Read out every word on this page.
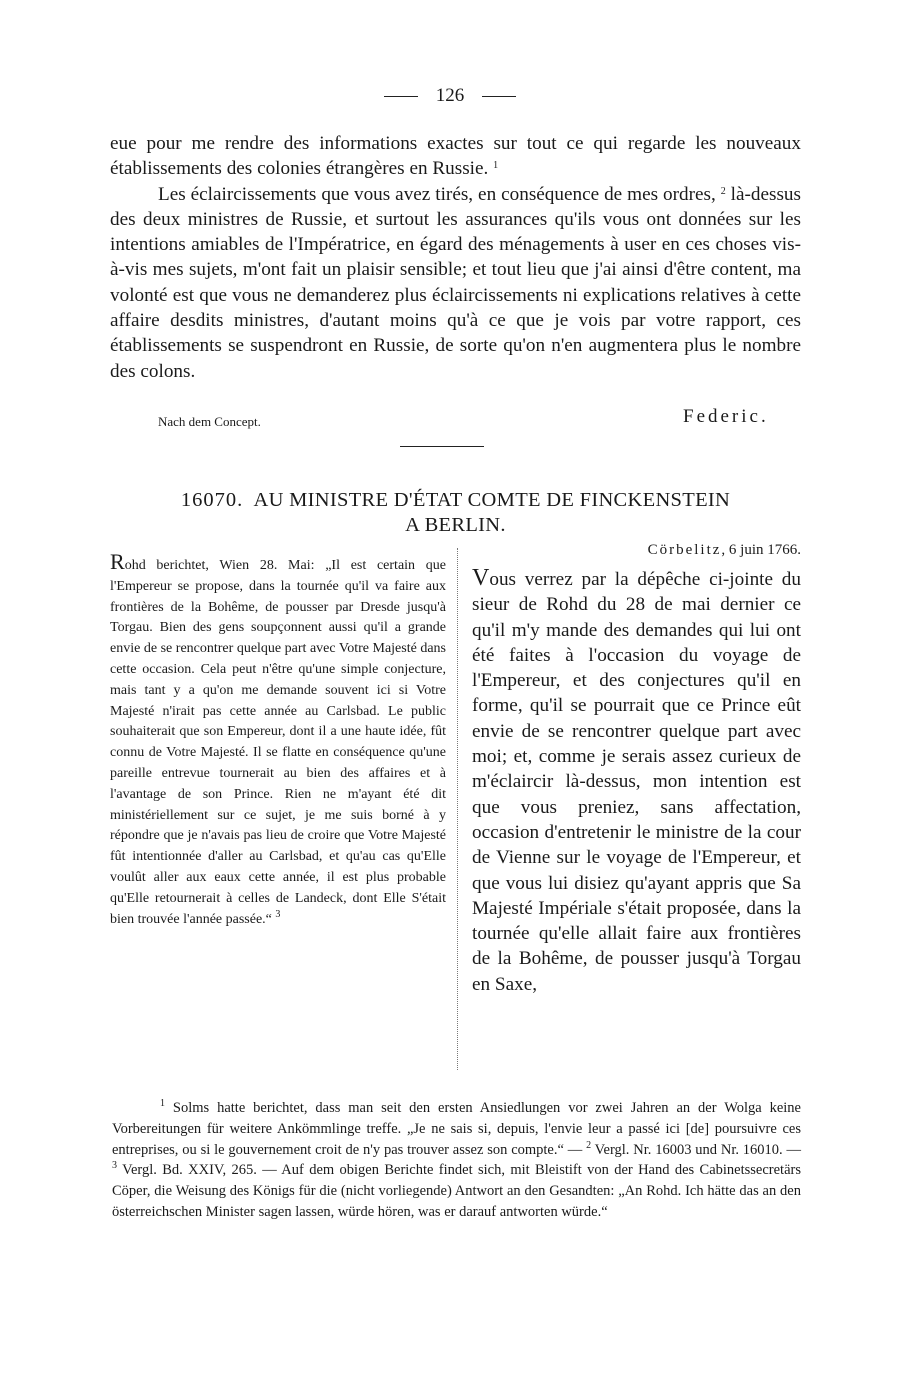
126

eue pour me rendre des informations exactes sur tout ce qui regarde les nouveaux établissements des colonies étrangères en Russie. $^1$

Les éclaircissements que vous avez tirés, en conséquence de mes ordres, $^2$ là-dessus des deux ministres de Russie, et surtout les assurances qu'ils vous ont données sur les intentions amiables de l'Impératrice, en égard des ménagements à user en ces choses vis-à-vis mes sujets, m'ont fait un plaisir sensible; et tout lieu que j'ai ainsi d'être content, ma volonté est que vous ne demanderez plus éclaircissements ni explications relatives à cette affaire desdits ministres, d'autant moins qu'à ce que je vois par votre rapport, ces établissements se suspendront en Russie, de sorte qu'on n'en augmentera plus le nombre des colons.

Nach dem Concept.	Federic.
16070. AU MINISTRE D'ÉTAT COMTE DE FINCKENSTEIN
A BERLIN.
Rohd berichtet, Wien 28. Mai: „Il est certain que l'Empereur se propose, dans la tournée qu'il va faire aux frontières de la Bohême, de pousser par Dresde jusqu'à Torgau. Bien des gens soupçonnent aussi qu'il a grande envie de se rencontrer quelque part avec Votre Majesté dans cette occasion. Cela peut n'être qu'une simple conjecture, mais tant y a qu'on me demande souvent ici si Votre Majesté n'irait pas cette année au Carlsbad. Le public souhaiterait que son Empereur, dont il a une haute idée, fût connu de Votre Majesté. Il se flatte en conséquence qu'une pareille entrevue tournerait au bien des affaires et à l'avantage de son Prince. Rien ne m'ayant été dit ministériellement sur ce sujet, je me suis borné à y répondre que je n'avais pas lieu de croire que Votre Majesté fût intentionnée d'aller au Carlsbad, et qu'au cas qu'Elle voulût aller aux eaux cette année, il est plus probable qu'Elle retournerait à celles de Landeck, dont Elle S'était bien trouvée l'année passée.“ $^3$
Cörbelitz, 6 juin 1766.
Vous verrez par la dépêche ci-jointe du sieur de Rohd du 28 de mai dernier ce qu'il m'y mande des demandes qui lui ont été faites à l'occasion du voyage de l'Empereur, et des conjectures qu'il en forme, qu'il se pourrait que ce Prince eût envie de se rencontrer quelque part avec moi; et, comme je serais assez curieux de m'éclaircir là-dessus, mon intention est que vous preniez, sans affectation, occasion d'entretenir le ministre de la cour de Vienne sur le voyage de l'Empereur, et que vous lui disiez qu'ayant appris que Sa Majesté Impériale s'était proposée, dans la tournée qu'elle allait faire aux frontières de la Bohême, de pousser jusqu'à Torgau en Saxe,

$^1$ Solms hatte berichtet, dass man seit den ersten Ansiedlungen vor zwei Jahren an der Wolga keine Vorbereitungen für weitere Ankömmlinge treffe. „Je ne sais si, depuis, l'envie leur a passé ici [de] poursuivre ces entreprises, ou si le gouvernement croit de n'y pas trouver assez son compte.“ — $^2$ Vergl. Nr. 16003 und Nr. 16010. — $^3$ Vergl. Bd. XXIV, 265. — Auf dem obigen Berichte findet sich, mit Bleistift von der Hand des Cabinetssecretärs Cöper, die Weisung des Königs für die (nicht vorliegende) Antwort an den Gesandten: „An Rohd. Ich hätte das an den österreichschen Minister sagen lassen, würde hören, was er darauf antworten würde.“
